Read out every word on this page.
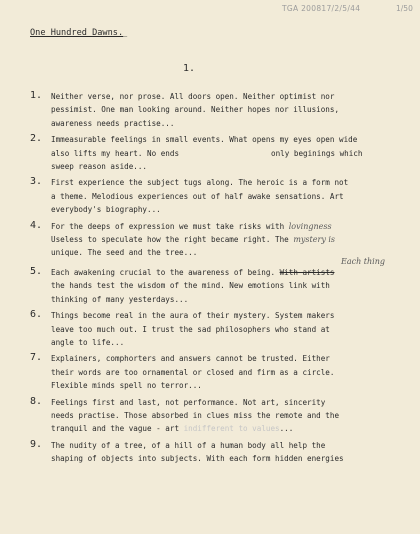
TGA 200817/2/5/44	1/50
One Hundred Dawns.
_
1.
1. Neither verse, nor prose. All doors open. Neither optimist nor
pessimist. One man looking around. Neither hopes nor illusions,
awareness needs practise...
2. Immeasurable feelings in small events. What opens my eyes open wide
also lifts my heart. No ends	only beginings which
sweep reason aside...
3. First experience the subject tugs along. The heroic is a form not
a theme. Melodious experiences out of half awake sensations. Art
everybody's biography...
4. For the deeps of expression we must take risks with lovingness
Useless to speculate how the right became right. The mystery is
unique. The seed and the tree...
Each thing
5. Each awakening crucial to the awareness of being. With artists
the hands test the wisdom of the mind. New emotions link with
thinking of many yesterdays...
6. Things become real in the aura of their mystery. System makers
leave too much out. I trust the sad philosophers who stand at
angle to life...
7. Explainers, comphorters and answers cannot be trusted. Either
their words are too ornamental or closed and firm as a circle.
Flexible minds spell no terror...
8. Feelings first and last, not performance. Not art, sincerity
needs practise. Those absorbed in clues miss the remote and the
tranquil and the vague - art indifferent to values...
9. The nudity of a tree, of a hill of a human body all help the
shaping of objects into subjects. With each form hidden energies
